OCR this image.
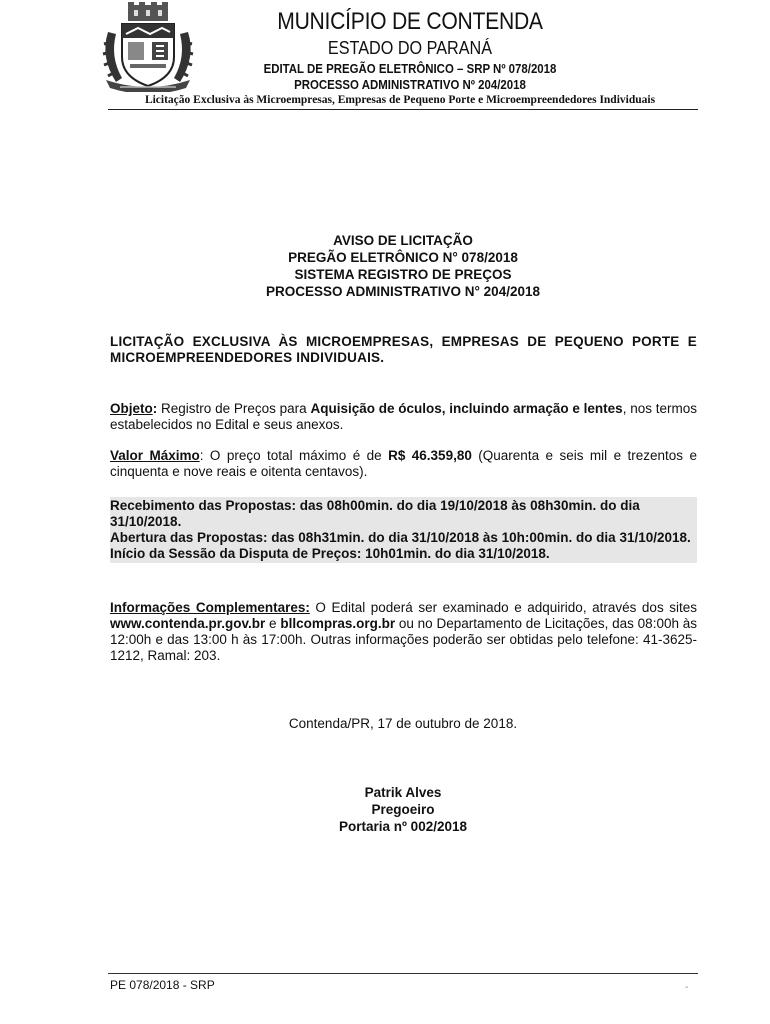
MUNICÍPIO DE CONTENDA
ESTADO DO PARANÁ
EDITAL DE PREGÃO ELETRÔNICO – SRP Nº 078/2018
PROCESSO ADMINISTRATIVO Nº 204/2018
Licitação Exclusiva às Microempresas, Empresas de Pequeno Porte e Microempreendedores Individuais
AVISO DE LICITAÇÃO
PREGÃO ELETRÔNICO N° 078/2018
SISTEMA REGISTRO DE PREÇOS
PROCESSO ADMINISTRATIVO N° 204/2018
LICITAÇÃO EXCLUSIVA ÀS MICROEMPRESAS, EMPRESAS DE PEQUENO PORTE E MICROEMPREENDEDORES INDIVIDUAIS.
Objeto: Registro de Preços para Aquisição de óculos, incluindo armação e lentes, nos termos estabelecidos no Edital e seus anexos.
Valor Máximo: O preço total máximo é de R$ 46.359,80 (Quarenta e seis mil e trezentos e cinquenta e nove reais e oitenta centavos).
Recebimento das Propostas: das 08h00min. do dia 19/10/2018 às 08h30min. do dia 31/10/2018.
Abertura das Propostas: das 08h31min. do dia 31/10/2018 às 10h:00min. do dia 31/10/2018.
Início da Sessão da Disputa de Preços: 10h01min. do dia 31/10/2018.
Informações Complementares: O Edital poderá ser examinado e adquirido, através dos sites www.contenda.pr.gov.br e bllcompras.org.br ou no Departamento de Licitações, das 08:00h às 12:00h e das 13:00 h às 17:00h. Outras informações poderão ser obtidas pelo telefone: 41-3625-1212, Ramal: 203.
Contenda/PR, 17 de outubro de 2018.
Patrik Alves
Pregoeiro
Portaria nº 002/2018
PE 078/2018 - SRP	-
